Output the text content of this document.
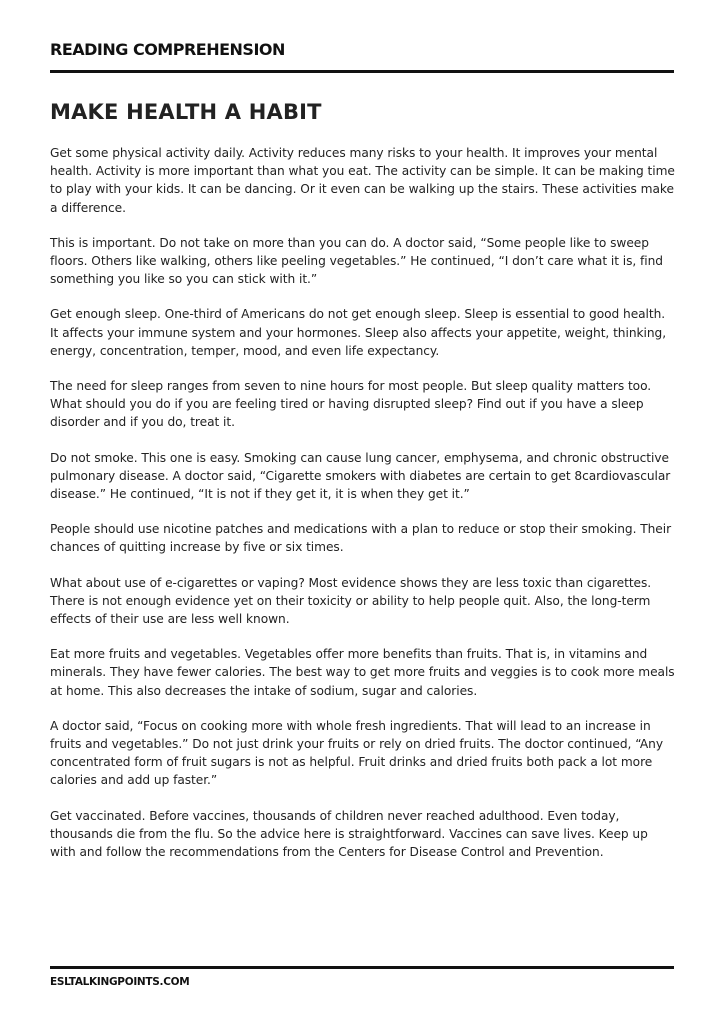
READING COMPREHENSION
MAKE HEALTH A HABIT

Get some physical activity daily. Activity reduces many risks to your health. It improves your mental health. Activity is more important than what you eat. The activity can be simple. It can be making time to play with your kids. It can be dancing. Or it even can be walking up the stairs. These activities make a difference.

This is important. Do not take on more than you can do. A doctor said, “Some people like to sweep floors. Others like walking, others like peeling vegetables.” He continued, “I don’t care what it is, find something you like so you can stick with it.”

Get enough sleep. One-third of Americans do not get enough sleep. Sleep is essential to good health. It affects your immune system and your hormones. Sleep also affects your appetite, weight, thinking, energy, concentration, temper, mood, and even life expectancy.

The need for sleep ranges from seven to nine hours for most people. But sleep quality matters too. What should you do if you are feeling tired or having disrupted sleep? Find out if you have a sleep disorder and if you do, treat it.

Do not smoke. This one is easy. Smoking can cause lung cancer, emphysema, and chronic obstructive pulmonary disease. A doctor said, “Cigarette smokers with diabetes are certain to get 8cardiovascular disease.” He continued, “It is not if they get it, it is when they get it.”

People should use nicotine patches and medications with a plan to reduce or stop their smoking. Their chances of quitting increase by five or six times.

What about use of e-cigarettes or vaping? Most evidence shows they are less toxic than cigarettes. There is not enough evidence yet on their toxicity or ability to help people quit. Also, the long-term effects of their use are less well known.

Eat more fruits and vegetables. Vegetables offer more benefits than fruits. That is, in vitamins and minerals. They have fewer calories. The best way to get more fruits and veggies is to cook more meals at home. This also decreases the intake of sodium, sugar and calories.

A doctor said, “Focus on cooking more with whole fresh ingredients. That will lead to an increase in fruits and vegetables.” Do not just drink your fruits or rely on dried fruits. The doctor continued, “Any concentrated form of fruit sugars is not as helpful. Fruit drinks and dried fruits both pack a lot more calories and add up faster.”

Get vaccinated. Before vaccines, thousands of children never reached adulthood. Even today, thousands die from the flu. So the advice here is straightforward. Vaccines can save lives. Keep up with and follow the recommendations from the Centers for Disease Control and Prevention.

ESLTALKINGPOINTS.COM
